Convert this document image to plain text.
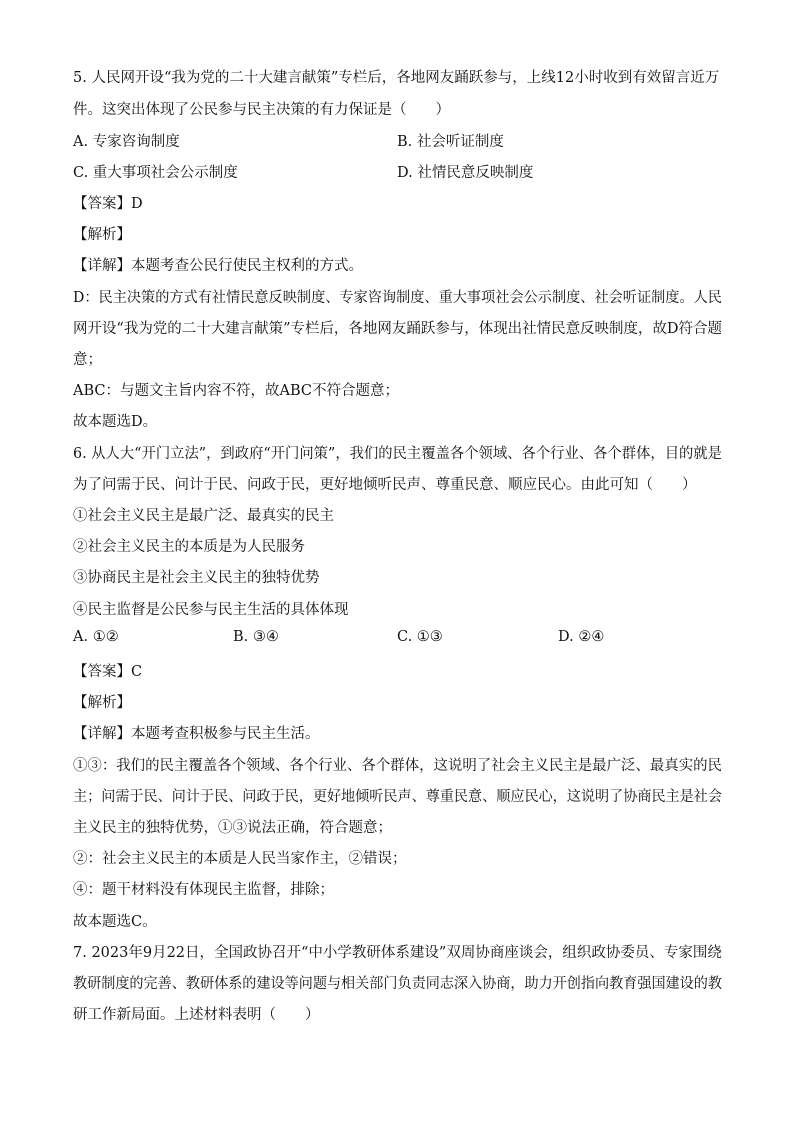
5. 人民网开设“我为党的二十大建言献策”专栏后，各地网友踊跃参与，上线12小时收到有效留言近万
件。这突出体现了公民参与民主决策的有力保证是（　　）
A. 专家咨询制度	B. 社会听证制度
C. 重大事项社会公示制度	D. 社情民意反映制度
【答案】D
【解析】
【详解】本题考查公民行使民主权利的方式。
D：民主决策的方式有社情民意反映制度、专家咨询制度、重大事项社会公示制度、社会听证制度。人民
网开设“我为党的二十大建言献策”专栏后，各地网友踊跃参与，体现出社情民意反映制度，故D符合题
意；
ABC：与题文主旨内容不符，故ABC不符合题意；
故本题选D。
6. 从人大“开门立法”，到政府“开门问策”，我们的民主覆盖各个领域、各个行业、各个群体，目的就是
为了问需于民、问计于民、问政于民，更好地倾听民声、尊重民意、顺应民心。由此可知（　　）
①社会主义民主是最广泛、最真实的民主
②社会主义民主的本质是为人民服务
③协商民主是社会主义民主的独特优势
④民主监督是公民参与民主生活的具体体现
A. ①②	B. ③④	C. ①③	D. ②④
【答案】C
【解析】
【详解】本题考查积极参与民主生活。
①③：我们的民主覆盖各个领域、各个行业、各个群体，这说明了社会主义民主是最广泛、最真实的民
主；问需于民、问计于民、问政于民，更好地倾听民声、尊重民意、顺应民心，这说明了协商民主是社会
主义民主的独特优势，①③说法正确，符合题意；
②：社会主义民主的本质是人民当家作主，②错误；
④：题干材料没有体现民主监督，排除；
故本题选C。
7. 2023年9月22日，全国政协召开“中小学教研体系建设”双周协商座谈会，组织政协委员、专家围绕
教研制度的完善、教研体系的建设等问题与相关部门负责同志深入协商，助力开创指向教育强国建设的教
研工作新局面。上述材料表明（　　）
